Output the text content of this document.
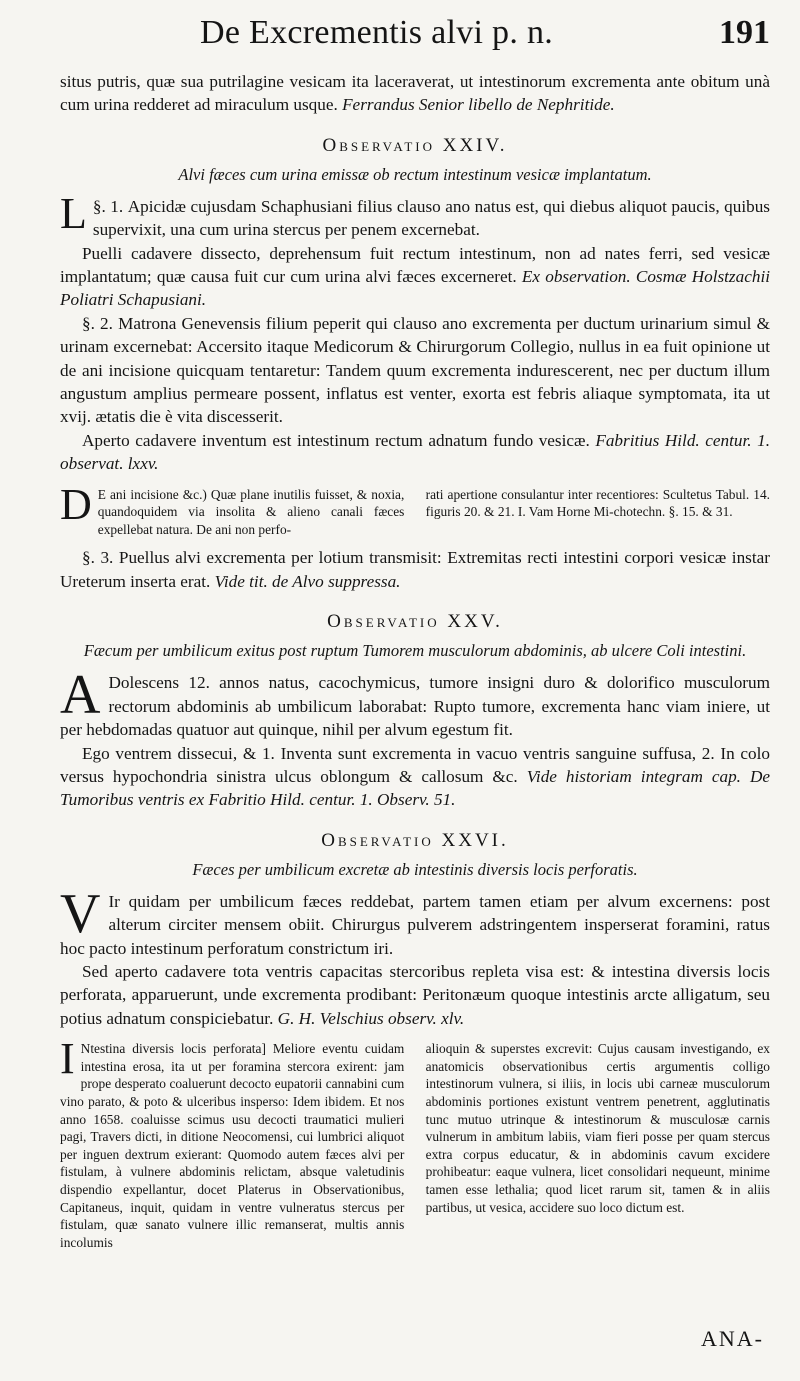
De Excrementis alvi p. n.	191

situs putris, quæ sua putrilagine vesicam ita laceraverat, ut intestinorum excrementa ante obitum unà cum urina redderet ad miraculum usque. Ferrandus Senior libello de Nephritide.

Observatio XXIV.
Alvi fæces cum urina emissæ ob rectum intestinum vesicæ implantatum.

§. 1.
L Apicidæ cujusdam Schaphusiani filius clauso ano natus est, qui diebus aliquot paucis, quibus supervixit, una cum urina stercus per penem excernebat.

Puelli cadavere dissecto, deprehensum fuit rectum intestinum, non ad nates ferri, sed vesicæ implantatum; quæ causa fuit cur cum urina alvi fæces excerneret. Ex observation. Cosmæ Holstzachii Poliatri Schapusiani.

§. 2. Matrona Genevensis filium peperit qui clauso ano excrementa per ductum urinarium simul & urinam excernebat: Accersito itaque Medicorum & Chirurgorum Collegio, nullus in ea fuit opinione ut de ani incisione quicquam tentaretur: Tandem quum excrementa indurescerent, nec per ductum illum angustum amplius permeare possent, inflatus est venter, exorta est febris aliaque symptomata, ita ut xvij. ætatis die è vita discesserit.

Aperto cadavere inventum est intestinum rectum adnatum fundo vesicæ. Fabritius Hild. centur. 1. observat. lxxv.

D E ani incisione &c.) Quæ plane inutilis fuisset, & noxia, quandoquidem via insolita & alieno canali fæces expellebat natura. De ani non perfo-
rati apertione consulantur inter recentiores: Scultetus Tabul. 14. figuris 20. & 21. I. Vam Horne Mi-chotechn. §. 15. & 31.

§. 3. Puellus alvi excrementa per lotium transmisit: Extremitas recti intestini corpori vesicæ instar Ureterum inserta erat. Vide tit. de Alvo suppressa.

Observatio XXV.
Fæcum per umbilicum exitus post ruptum Tumorem musculorum abdominis, ab ulcere Coli intestini.

A Dolescens 12. annos natus, cacochymicus, tumore insigni duro & dolorifico musculorum rectorum abdominis ab umbilicum laborabat: Rupto tumore, excrementa hanc viam iniere, ut per hebdomadas quatuor aut quinque, nihil per alvum egestum fit.

Ego ventrem dissecui, & 1. Inventa sunt excrementa in vacuo ventris sanguine suffusa, 2. In colo versus hypochondria sinistra ulcus oblongum & callosum &c. Vide historiam integram cap. De Tumoribus ventris ex Fabritio Hild. centur. 1. Observ. 51.

Observatio XXVI.
Fæces per umbilicum excretæ ab intestinis diversis locis perforatis.

V Ir quidam per umbilicum fæces reddebat, partem tamen etiam per alvum excernens: post alterum circiter mensem obiit. Chirurgus pulverem adstringentem insperserat foramini, ratus hoc pacto intestinum perforatum constrictum iri.

Sed aperto cadavere tota ventris capacitas stercoribus repleta visa est: & intestina diversis locis perforata, apparuerunt, unde excrementa prodibant: Peritonæum quoque intestinis arcte alligatum, seu potius adnatum conspiciebatur. G. H. Velschius observ. xlv.

I Ntestina diversis locis perforata] Meliore eventu cuidam intestina erosa, ita ut per foramina stercora exirent: jam prope desperato coaluerunt decocto eupatorii cannabini cum vino parato, & poto & ulceribus insperso: Idem ibidem. Et nos anno 1658. coaluisse scimus usu decocti traumatici mulieri pagi, Travers dicti, in ditione Neocomensi, cui lumbrici aliquot per inguen dextrum exierant: Quomodo autem fæces alvi per fistulam, à vulnere abdominis relictam, absque valetudinis dispendio expellantur, docet Platerus in Observationibus, Capitaneus, inquit, quidam in ventre vulneratus stercus per fistulam, quæ sanato vulnere illic remanserat, multis annis incolumis
alioquin & superstes excrevit: Cujus causam investigando, ex anatomicis observationibus certis argumentis colligo intestinorum vulnera, si iliis, in locis ubi carneæ musculorum abdominis portiones existunt ventrem penetrent, agglutinatis tunc mutuo utrinque & intestinorum & musculosæ carnis vulnerum in ambitum labiis, viam fieri posse per quam stercus extra corpus educatur, & in abdominis cavum excidere prohibeatur: eaque vulnera, licet consolidari nequeunt, minime tamen esse lethalia; quod licet rarum sit, tamen & in aliis partibus, ut vesica, accidere suo loco dictum est.
ANA-
